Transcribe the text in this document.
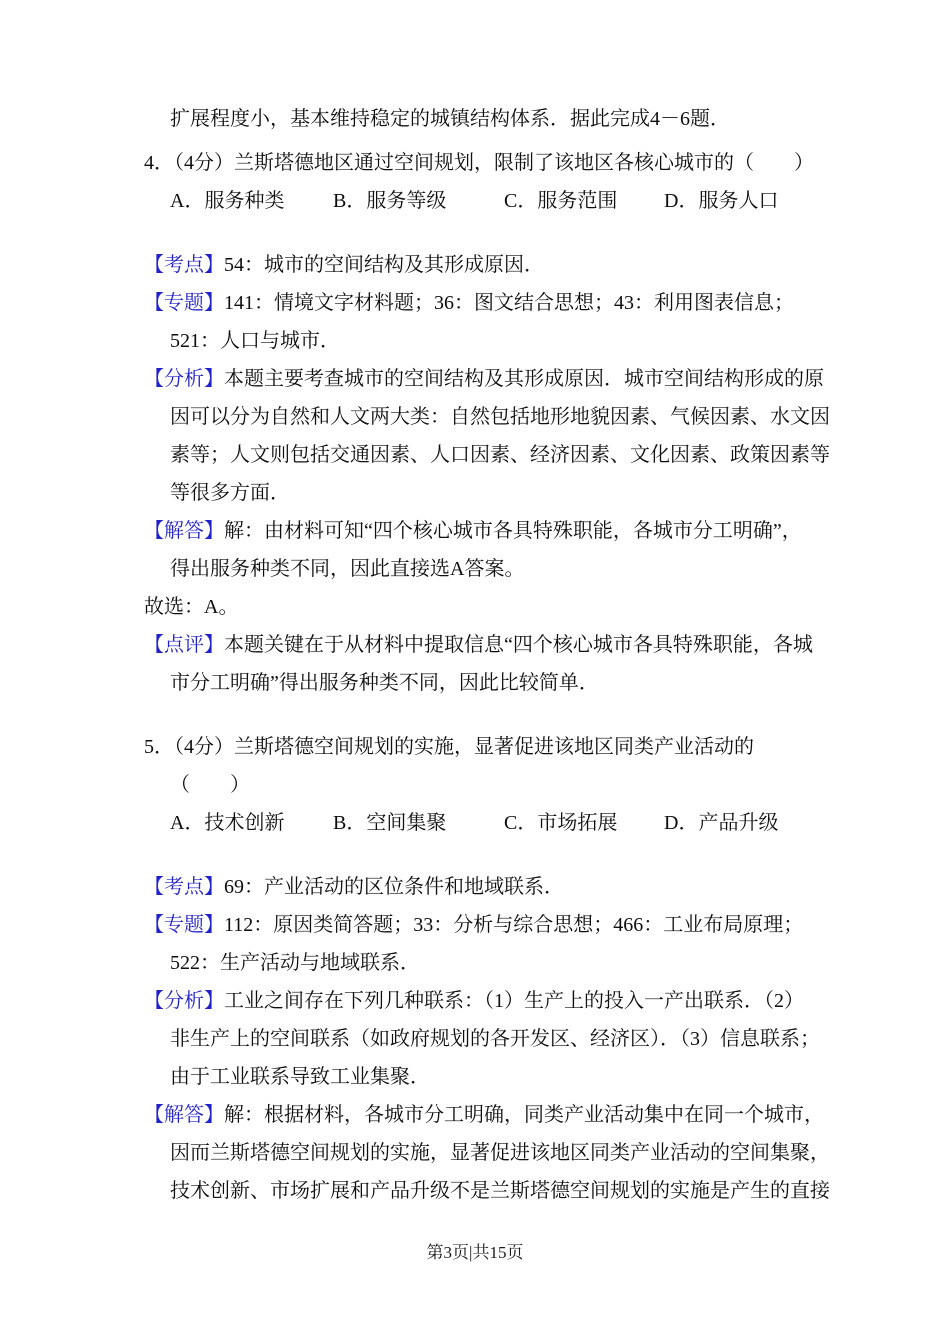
扩展程度小，基本维持稳定的城镇结构体系．据此完成4－6题．
4．（4分）兰斯塔德地区通过空间规划，限制了该地区各核心城市的（　　）
A．服务种类	B．服务等级	C．服务范围	D．服务人口
【考点】54：城市的空间结构及其形成原因．
【专题】141：情境文字材料题；36：图文结合思想；43：利用图表信息；
521：人口与城市．
【分析】本题主要考查城市的空间结构及其形成原因．城市空间结构形成的原
因可以分为自然和人文两大类：自然包括地形地貌因素、气候因素、水文因
素等；人文则包括交通因素、人口因素、经济因素、文化因素、政策因素等
等很多方面．
【解答】解：由材料可知“四个核心城市各具特殊职能，各城市分工明确”，
得出服务种类不同，因此直接选A答案。
故选：A。
【点评】本题关键在于从材料中提取信息“四个核心城市各具特殊职能，各城
市分工明确”得出服务种类不同，因此比较简单．
5．（4分）兰斯塔德空间规划的实施，显著促进该地区同类产业活动的
（　　）
A．技术创新	B．空间集聚	C．市场拓展	D．产品升级
【考点】69：产业活动的区位条件和地域联系．
【专题】112：原因类简答题；33：分析与综合思想；466：工业布局原理；
522：生产活动与地域联系．
【分析】工业之间存在下列几种联系：（1）生产上的投入一产出联系．（2）
非生产上的空间联系（如政府规划的各开发区、经济区）．（3）信息联系；
由于工业联系导致工业集聚．
【解答】解：根据材料，各城市分工明确，同类产业活动集中在同一个城市，
因而兰斯塔德空间规划的实施，显著促进该地区同类产业活动的空间集聚，
技术创新、市场扩展和产品升级不是兰斯塔德空间规划的实施是产生的直接
第3页|共15页
